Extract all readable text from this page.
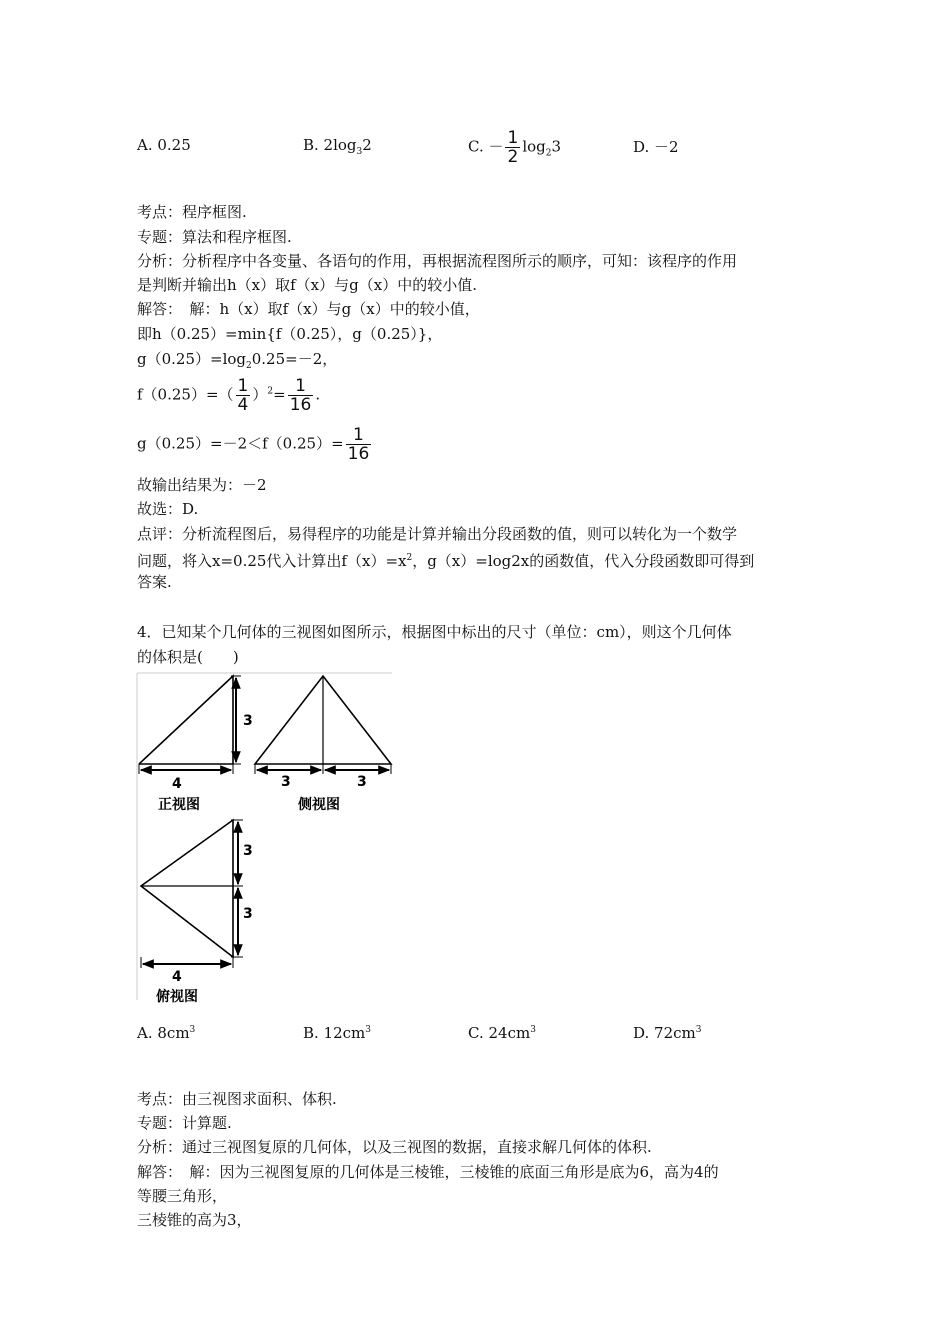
A. 0.25	B. $2\log_32$	C. － $\frac{1}{2} \log_23$	D. －2
考点：程序框图.
专题：算法和程序框图.
分析：分析程序中各变量、各语句的作用，再根据流程图所示的顺序，可知：该程序的作用
是判断并输出h（x）取f（x）与g（x）中的较小值.
解答：　解：h（x）取f（x）与g（x）中的较小值，
即h（0.25）=min{f（0.25），g（0.25）}，
$g(0.25)=\log_20.25=-2$，
$f(0.25)=( \frac{1}{4} )^2= \frac{1}{16}$ .
$g(0.25)=-2<f(0.25)= \frac{1}{16}$
故输出结果为：－2
故选：D.
点评：分析流程图后，易得程序的功能是计算并输出分段函数的值，则可以转化为一个数学
问题，将入x=0.25代入计算出$f(x)=x^2$，g（x）=log2x的函数值，代入分段函数即可得到
答案.
4．已知某个几何体的三视图如图所示，根据图中标出的尺寸（单位：cm），则这个几何体
的体积是(　　)
3
4
正视图
3	3
侧视图
3
3
4
俯视图
A. $8cm^3$	B. $12cm^3$	C. $24cm^3$	D. $72cm^3$
考点：由三视图求面积、体积.
专题：计算题.
分析：通过三视图复原的几何体，以及三视图的数据，直接求解几何体的体积.
解答：　解：因为三视图复原的几何体是三棱锥，三棱锥的底面三角形是底为6，高为4的
等腰三角形，
三棱锥的高为3，
